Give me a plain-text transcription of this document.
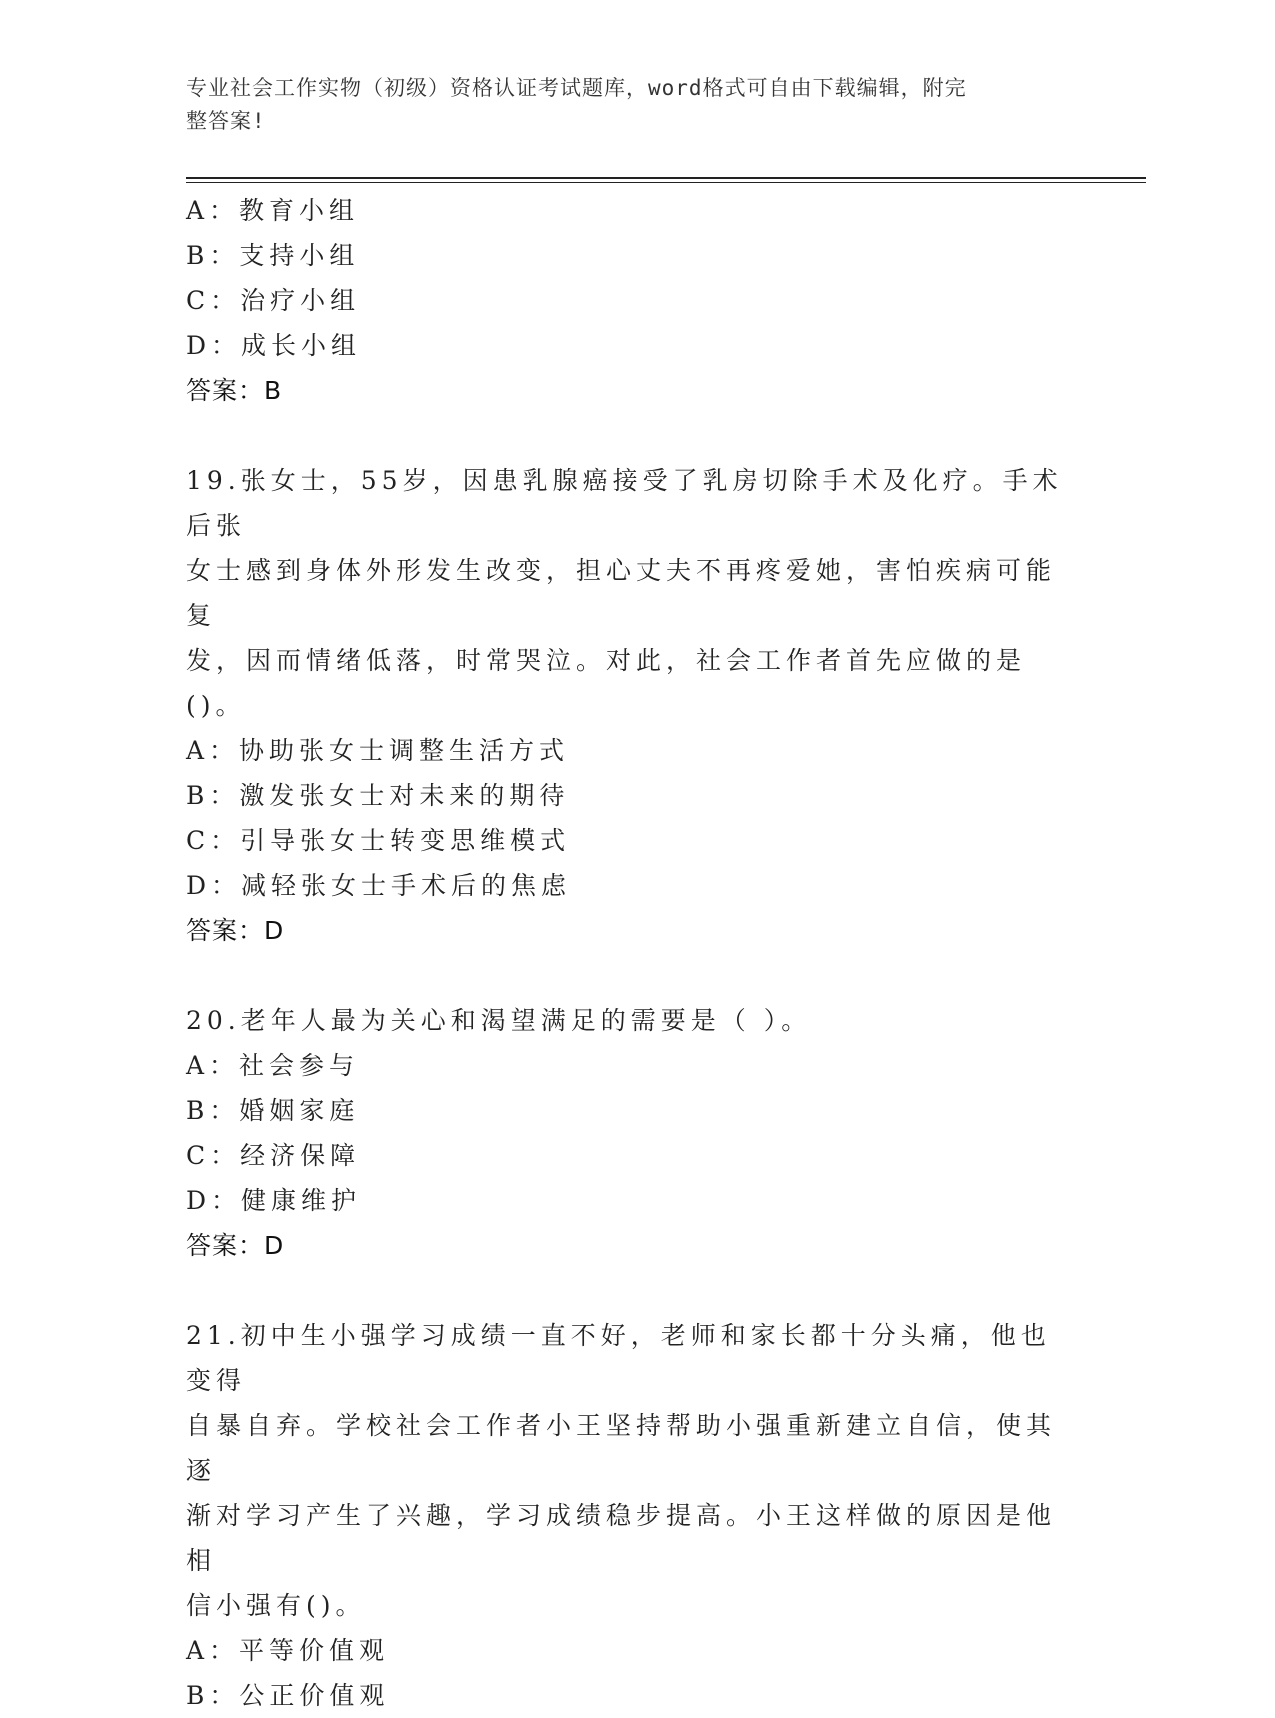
专业社会工作实物（初级）资格认证考试题库，word格式可自由下载编辑，附完
整答案!
A：教育小组
B：支持小组
C：治疗小组
D：成长小组
答案：B
19.张女士，55岁，因患乳腺癌接受了乳房切除手术及化疗。手术后张
女士感到身体外形发生改变，担心丈夫不再疼爱她，害怕疾病可能复
发，因而情绪低落，时常哭泣。对此，社会工作者首先应做的是()。
A：协助张女士调整生活方式
B：激发张女士对未来的期待
C：引导张女士转变思维模式
D：减轻张女士手术后的焦虑
答案：D
20.老年人最为关心和渴望满足的需要是（ ）。
A：社会参与
B：婚姻家庭
C：经济保障
D：健康维护
答案：D
21.初中生小强学习成绩一直不好，老师和家长都十分头痛，他也变得
自暴自弃。学校社会工作者小王坚持帮助小强重新建立自信，使其逐
渐对学习产生了兴趣，学习成绩稳步提高。小王这样做的原因是他相
信小强有()。
A：平等价值观
B：公正价值观
